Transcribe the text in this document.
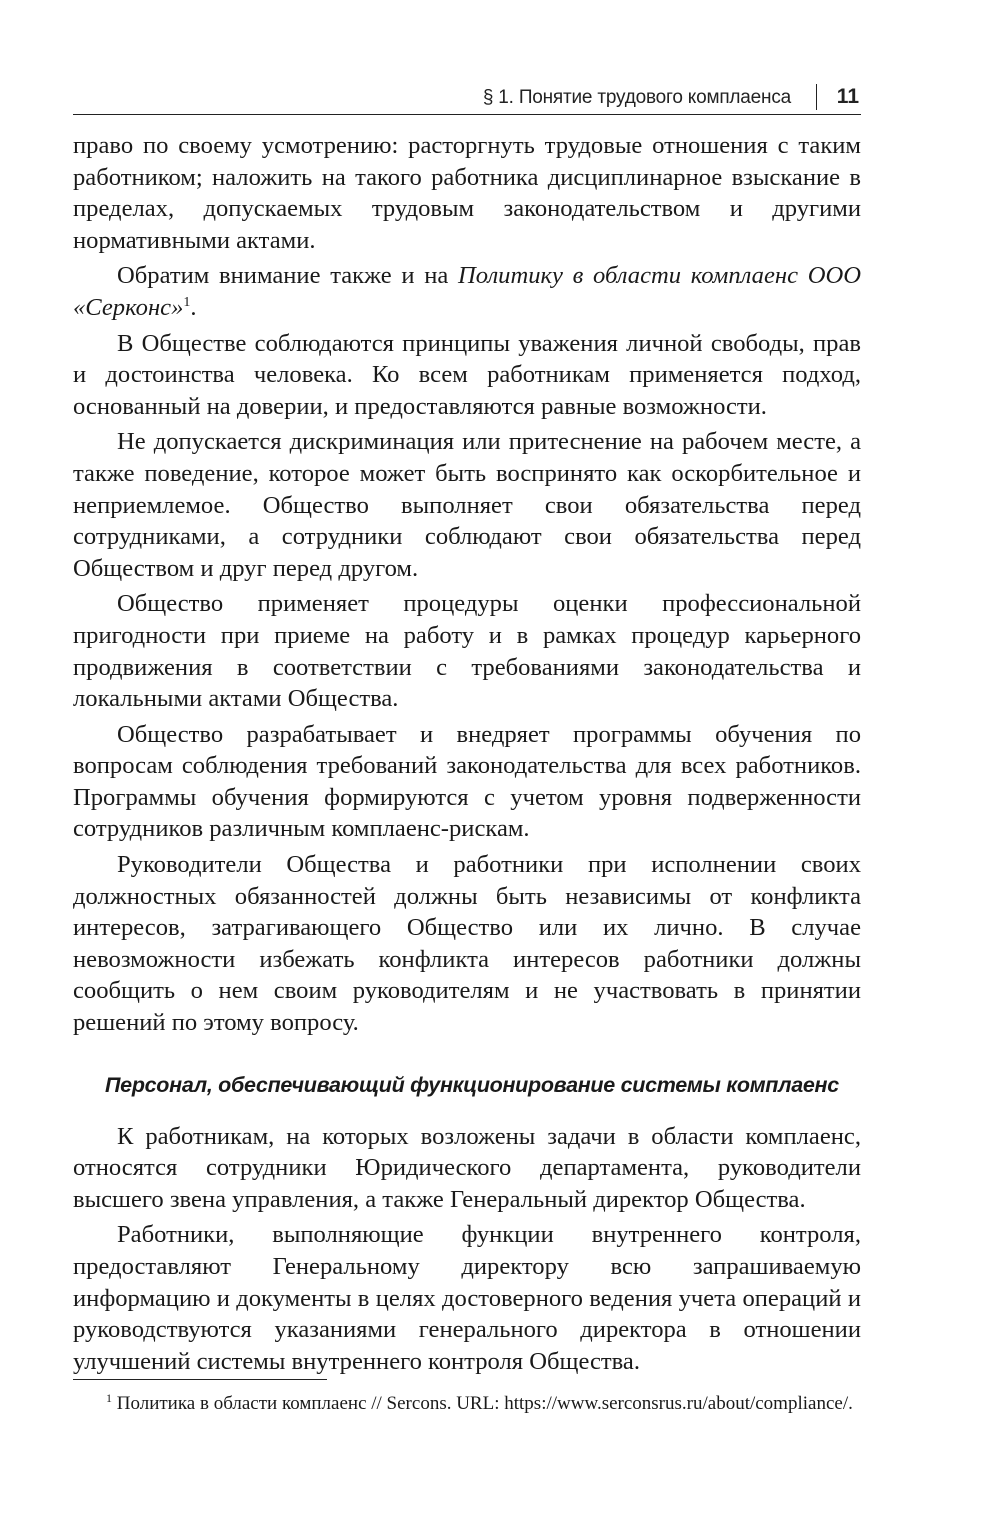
§ 1. Понятие трудового комплаенса 11

право по своему усмотрению: расторгнуть трудовые отношения с таким работником; наложить на такого работника дисциплинарное взыскание в пределах, допускаемых трудовым законодательством и другими нормативными актами.

Обратим внимание также и на Политику в области комплаенс ООО «Серконс»$^1$.

В Обществе соблюдаются принципы уважения личной свободы, прав и достоинства человека. Ко всем работникам применяется подход, основанный на доверии, и предоставляются равные возможности.

Не допускается дискриминация или притеснение на рабочем месте, а также поведение, которое может быть воспринято как оскорбительное и неприемлемое. Общество выполняет свои обязательства перед сотрудниками, а сотрудники соблюдают свои обязательства перед Обществом и друг перед другом.

Общество применяет процедуры оценки профессиональной пригодности при приеме на работу и в рамках процедур карьерного продвижения в соответствии с требованиями законодательства и локальными актами Общества.

Общество разрабатывает и внедряет программы обучения по вопросам соблюдения требований законодательства для всех работников. Программы обучения формируются с учетом уровня подверженности сотрудников различным комплаенс-рискам.

Руководители Общества и работники при исполнении своих должностных обязанностей должны быть независимы от конфликта интересов, затрагивающего Общество или их лично. В случае невозможности избежать конфликта интересов работники должны сообщить о нем своим руководителям и не участвовать в принятии решений по этому вопросу.

Персонал, обеспечивающий функционирование системы комплаенс

К работникам, на которых возложены задачи в области комплаенс, относятся сотрудники Юридического департамента, руководители высшего звена управления, а также Генеральный директор Общества.

Работники, выполняющие функции внутреннего контроля, предоставляют Генеральному директору всю запрашиваемую информацию и документы в целях достоверного ведения учета операций и руководствуются указаниями генерального директора в отношении улучшений системы внутреннего контроля Общества.

$^1$ Политика в области комплаенс // Sercons. URL: https://www.serconsrus.ru/about/compliance/.
